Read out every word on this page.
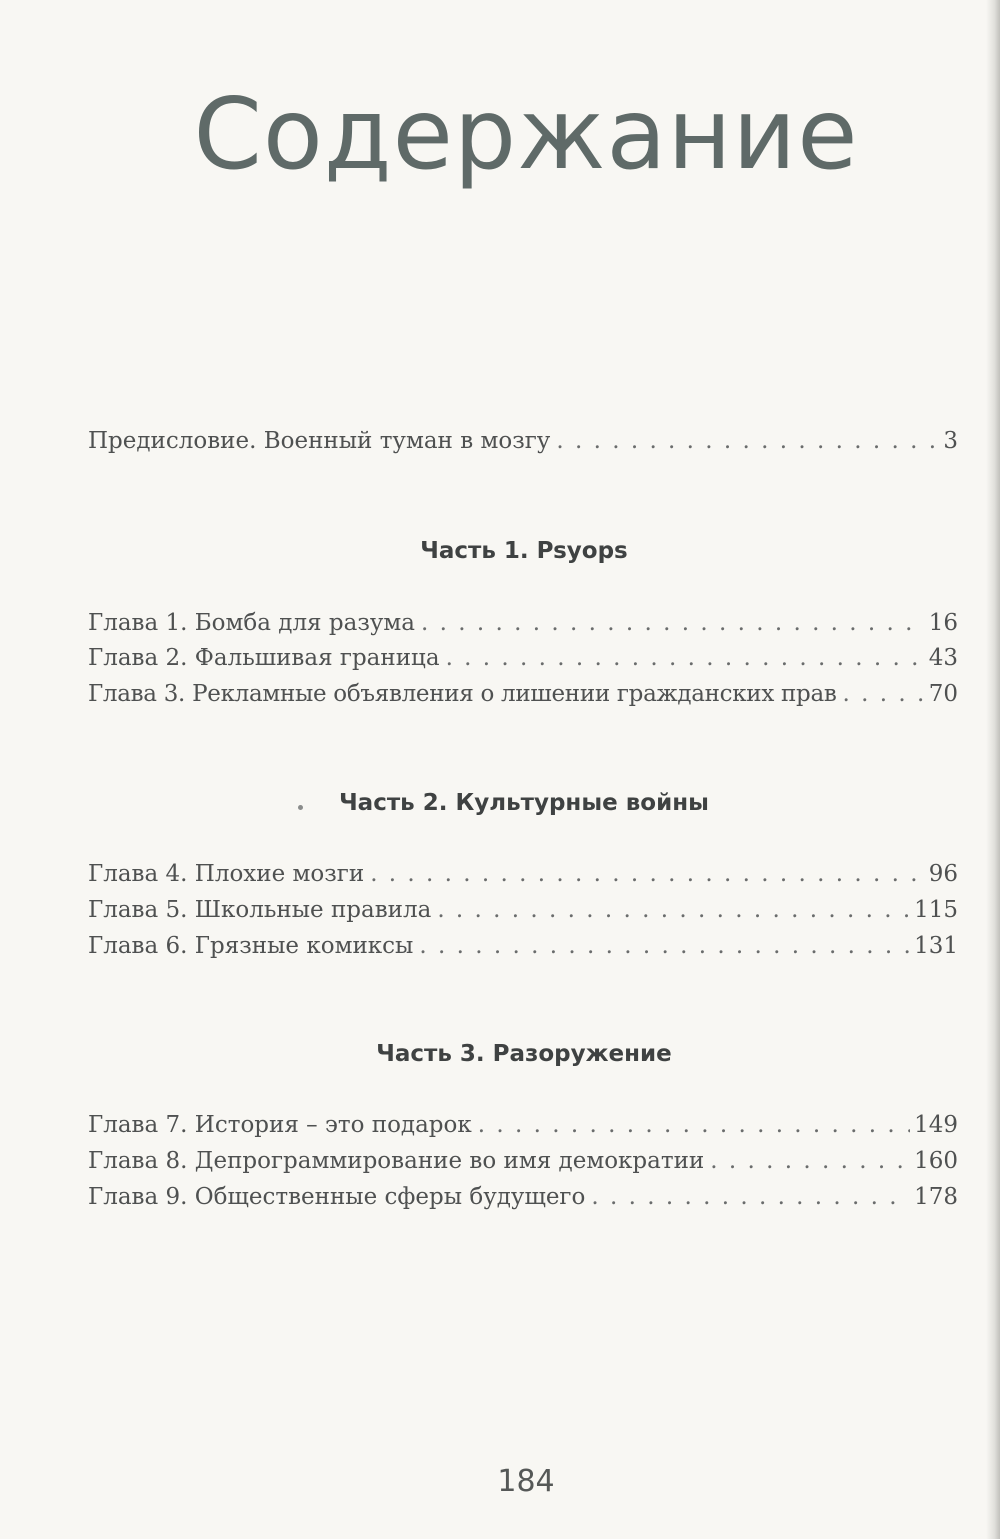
Содержание
Предисловие. Военный туман в мозгу . . .	3
Часть 1. Psyops
Глава 1. Бомба для разума . . .	16
Глава 2. Фальшивая граница . . .	43
Глава 3. Рекламные объявления о лишении гражданских прав . . .	70
Часть 2. Культурные войны
Глава 4. Плохие мозги . . .	96
Глава 5. Школьные правила . . .	115
Глава 6. Грязные комиксы . . .	131
Часть 3. Разоружение
Глава 7. История – это подарок . . .	149
Глава 8. Депрограммирование во имя демократии . . .	160
Глава 9. Общественные сферы будущего . . .	178
184
